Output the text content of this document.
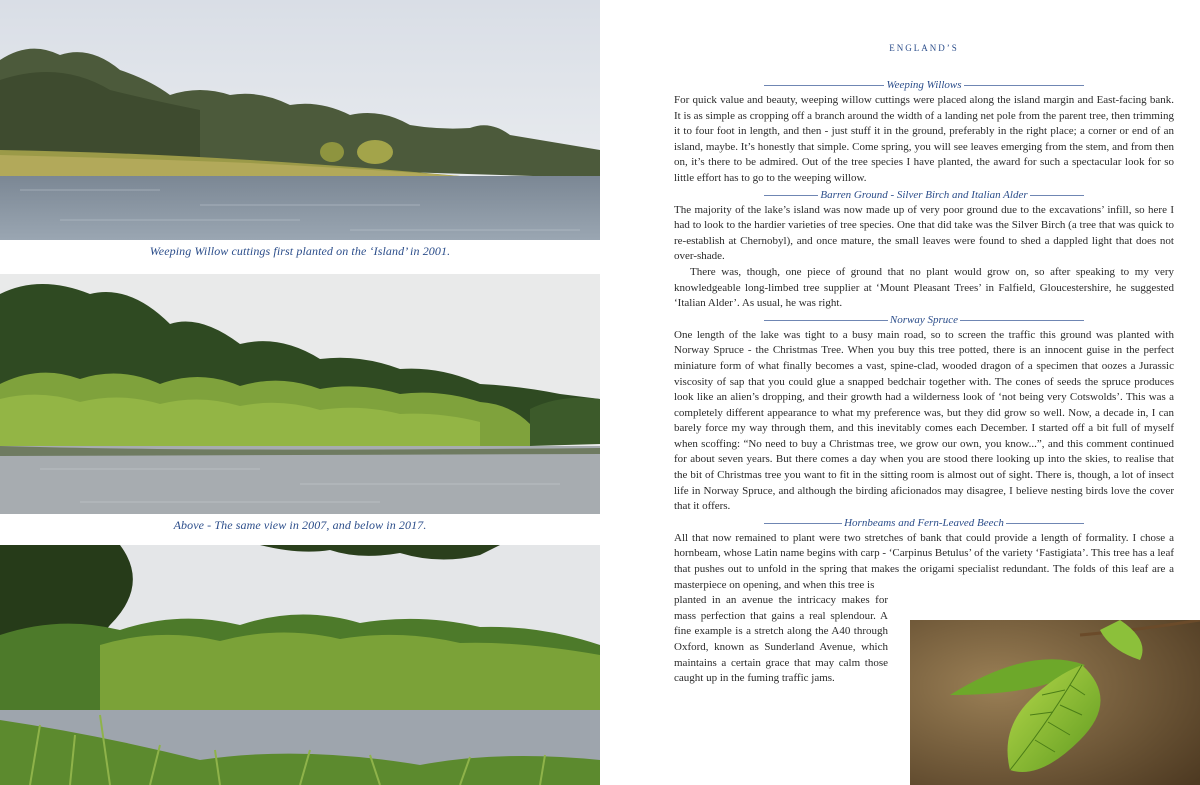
Weeping Willow cuttings first planted on the ‘Island’ in 2001.
Above - The same view in 2007, and below in 2017.
ENGLAND’S
Weeping Willows

For quick value and beauty, weeping willow cuttings were placed along the island margin and East-facing bank. It is as simple as cropping off a branch around the width of a landing net pole from the parent tree, then trimming it to four foot in length, and then - just stuff it in the ground, preferably in the right place; a corner or end of an island, maybe. It’s honestly that simple. Come spring, you will see leaves emerging from the stem, and from then on, it’s there to be admired. Out of the tree species I have planted, the award for such a spectacular look for so little effort has to go to the weeping willow.

Barren Ground - Silver Birch and Italian Alder

The majority of the lake’s island was now made up of very poor ground due to the excavations’ infill, so here I had to look to the hardier varieties of tree species. One that did take was the Silver Birch (a tree that was quick to re-establish at Chernobyl), and once mature, the small leaves were found to shed a dappled light that does not over-shade.

There was, though, one piece of ground that no plant would grow on, so after speaking to my very knowledgeable long-limbed tree supplier at ‘Mount Pleasant Trees’ in Falfield, Gloucestershire, he suggested ‘Italian Alder’. As usual, he was right.

Norway Spruce

One length of the lake was tight to a busy main road, so to screen the traffic this ground was planted with Norway Spruce - the Christmas Tree. When you buy this tree potted, there is an innocent guise in the perfect miniature form of what finally becomes a vast, spine-clad, wooded dragon of a specimen that oozes a Jurassic viscosity of sap that you could glue a snapped bedchair together with. The cones of seeds the spruce produces look like an alien’s dropping, and their growth had a wilderness look of ‘not being very Cotswolds’. This was a completely different appearance to what my preference was, but they did grow so well. Now, a decade in, I can barely force my way through them, and this inevitably comes each December. I started off a bit full of myself when scoffing: “No need to buy a Christmas tree, we grow our own, you know...”, and this comment continued for about seven years. But there comes a day when you are stood there looking up into the skies, to realise that the bit of Christmas tree you want to fit in the sitting room is almost out of sight. There is, though, a lot of insect life in Norway Spruce, and although the birding aficionados may disagree, I believe nesting birds love the cover that it offers.

Hornbeams and Fern-Leaved Beech

All that now remained to plant were two stretches of bank that could provide a length of formality. I chose a hornbeam, whose Latin name begins with carp - ‘Carpinus Betulus’ of the variety ‘Fastigiata’. This tree has a leaf that pushes out to unfold in the spring that makes the origami specialist redundant. The folds of this leaf are a masterpiece on opening, and when this tree is

planted in an avenue the intricacy makes for mass perfection that gains a real splendour. A fine example is a stretch along the A40 through Oxford, known as Sunderland Avenue, which maintains a certain grace that may calm those caught up in the fuming traffic jams.
